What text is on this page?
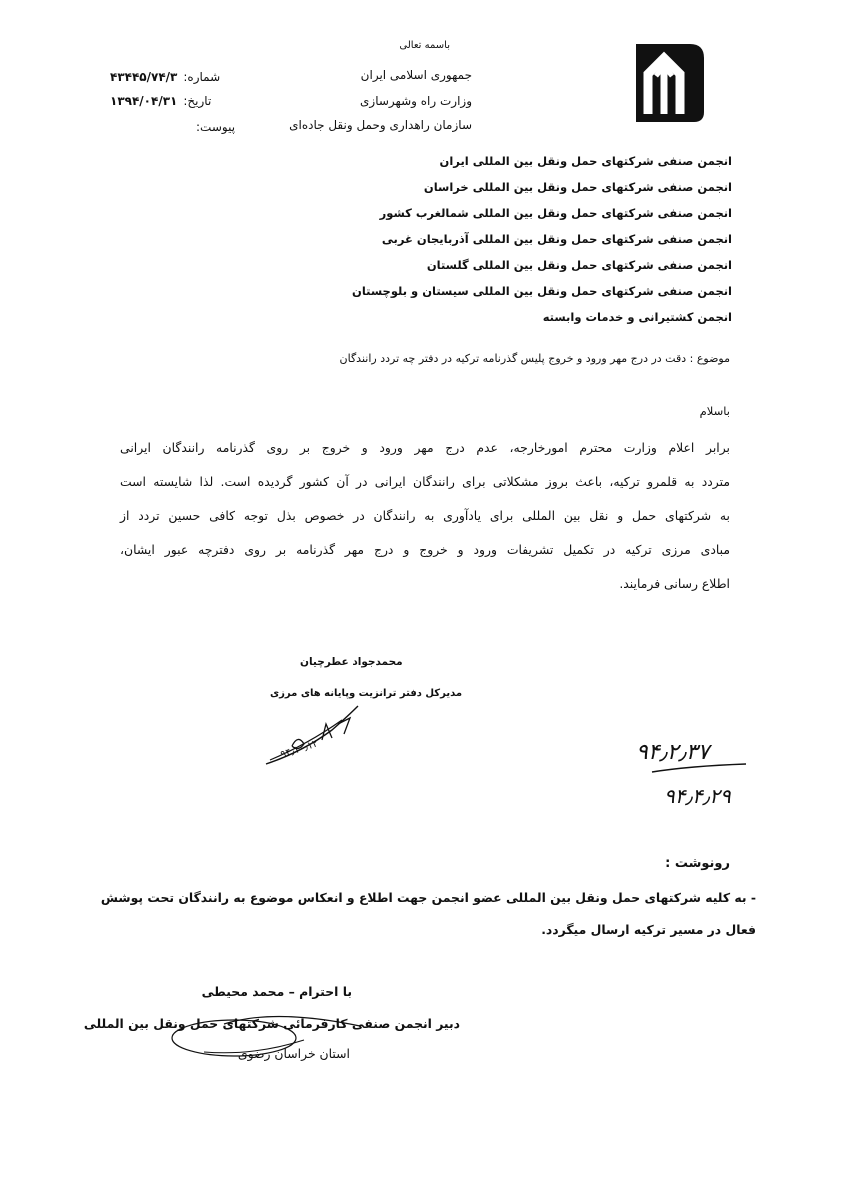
باسمه تعالی
جمهوری اسلامی ایران
وزارت راه وشهرسازی
سازمان راهداری وحمل ونقل جاده‌ای
شماره:۴۳۴۴۵/۷۴/۳
تاریخ:۱۳۹۴/۰۴/۳۱
پیوست:
انجمن صنفی شرکتهای حمل ونقل بین المللی ایران
انجمن صنفی شرکتهای حمل ونقل بین المللی خراسان
انجمن صنفی شرکتهای حمل ونقل بین المللی شمالغرب کشور
انجمن صنفی شرکتهای حمل ونقل بین المللی آذربایجان غربی
انجمن صنفی شرکتهای حمل ونقل بین المللی گلستان
انجمن صنفی شرکتهای حمل ونقل بین المللی سیستان و بلوچستان
انجمن کشتیرانی و خدمات وابسته
موضوع : دقت در درج مهر ورود و خروج پلیس گذرنامه ترکیه در دفتر چه تردد رانندگان
باسلام
برابر اعلام وزارت محترم امورخارجه، عدم درج مهر ورود و خروج بر روی گذرنامه رانندگان ایرانی
متردد به قلمرو ترکیه، باعث بروز مشکلاتی برای رانندگان ایرانی در آن کشور گردیده است. لذا شایسته است
به شرکتهای حمل و نقل بین المللی برای یادآوری به رانندگان در خصوص بذل توجه کافی حسین تردد از
مبادی مرزی ترکیه در تکمیل تشریفات ورود و خروج و درج مهر گذرنامه بر روی دفترچه عبور ایشان،
اطلاع رسانی فرمایند.
محمدجواد عطرچیان
مدیرکل دفتر ترانزیت وپایانه های مرزی
۹۴٫۱۰٫۱۲	۹۴٫۲٫۳۷
۹۴٫۴٫۲۹
رونوشت :
- به کلیه شرکتهای حمل ونقل بین المللی عضو انجمن جهت اطلاع و انعکاس موضوع به رانندگان تحت پوشش
فعال در مسیر ترکیه ارسال میگردد.
با احترام – محمد محیطی
دبیر انجمن صنفی کارفرمائی شرکتهای حمل ونقل بین المللی
استان خراسان رضوی
